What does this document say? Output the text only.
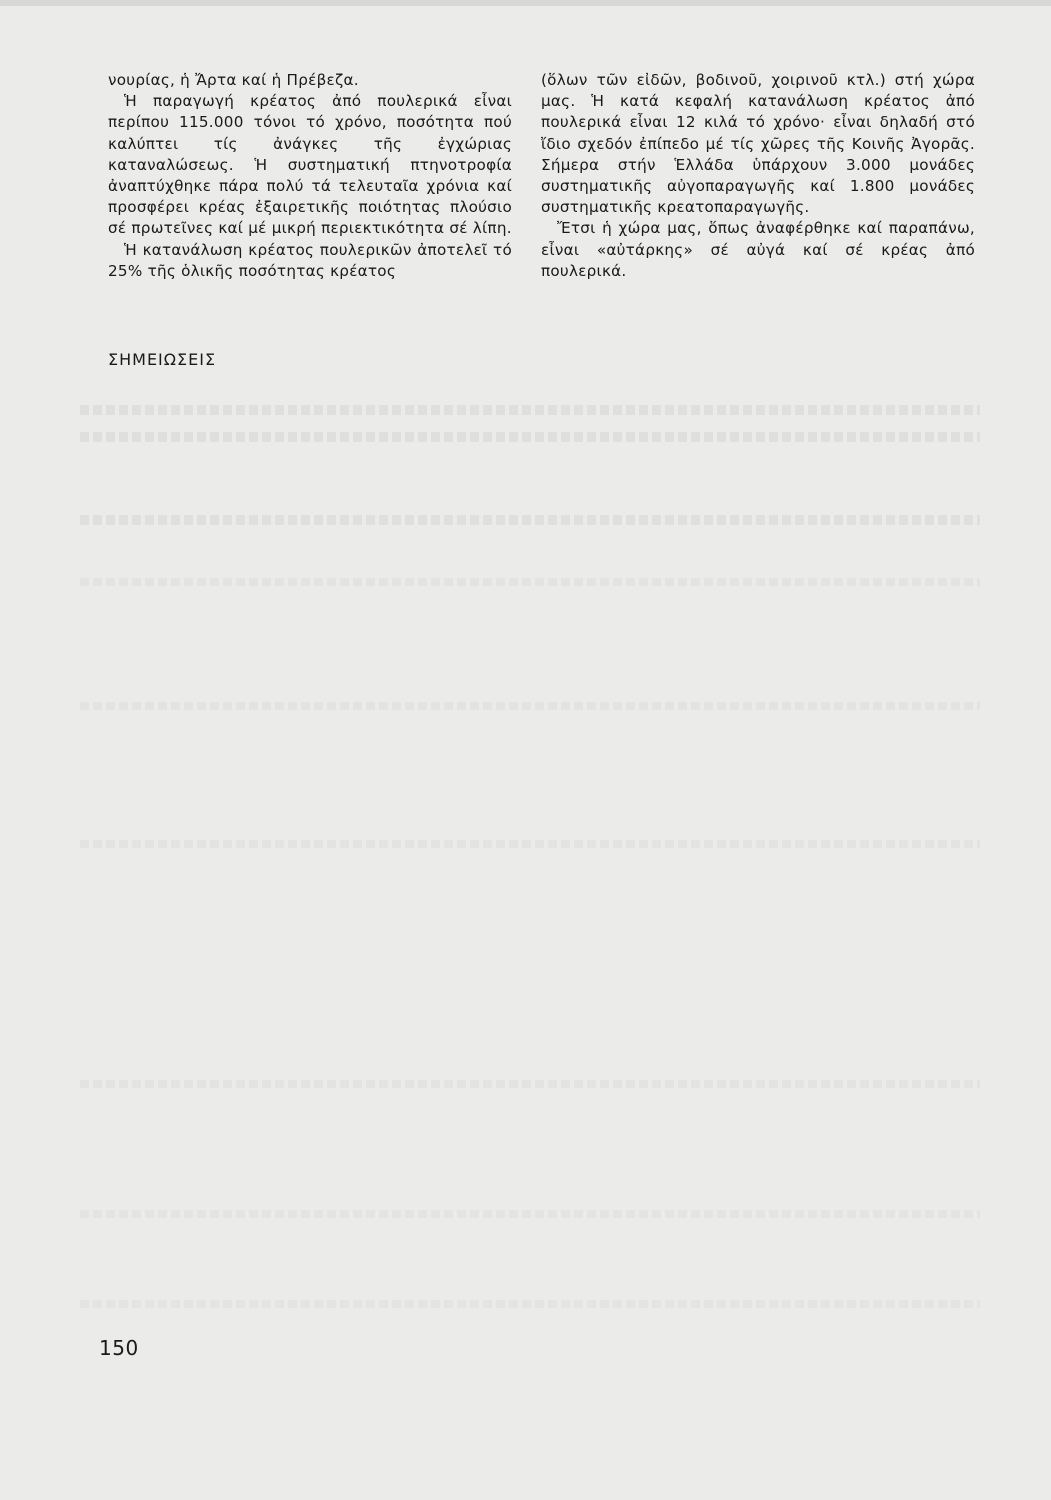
νουρίας, ἡ Ἄρτα καί ἡ Πρέβεζα.

Ἡ παραγωγή κρέατος ἀπό πουλερικά εἶναι περίπου 115.000 τόνοι τό χρόνο, ποσότητα πού καλύπτει τίς ἀνάγκες τῆς ἐγχώριας καταναλώσεως. Ἡ συστηματική πτηνοτροφία ἀναπτύχθηκε πάρα πολύ τά τελευταῖα χρόνια καί προσφέρει κρέας ἐξαιρετικῆς ποιότητας πλούσιο σέ πρωτεῖνες καί μέ μικρή περιεκτικότητα σέ λίπη.

Ἡ κατανάλωση κρέατος πουλερικῶν ἀποτελεῖ τό 25% τῆς ὁλικῆς ποσότητας κρέατος

(ὅλων τῶν εἰδῶν, βοδινοῦ, χοιρινοῦ κτλ.) στή χώρα μας. Ἡ κατά κεφαλή κατανάλωση κρέατος ἀπό πουλερικά εἶναι 12 κιλά τό χρόνο· εἶναι δηλαδή στό ἴδιο σχεδόν ἐπίπεδο μέ τίς χῶρες τῆς Κοινῆς Ἀγορᾶς. Σήμερα στήν Ἑλλάδα ὑπάρχουν 3.000 μονάδες συστηματικῆς αὐγοπαραγωγῆς καί 1.800 μονάδες συστηματικῆς κρεατοπαραγωγῆς.

Ἔτσι ἡ χώρα μας, ὅπως ἀναφέρθηκε καί παραπάνω, εἶναι «αὐτάρκης» σέ αὐγά καί σέ κρέας ἀπό πουλερικά.

ΣΗΜΕΙΩΣΕΙΣ
150
